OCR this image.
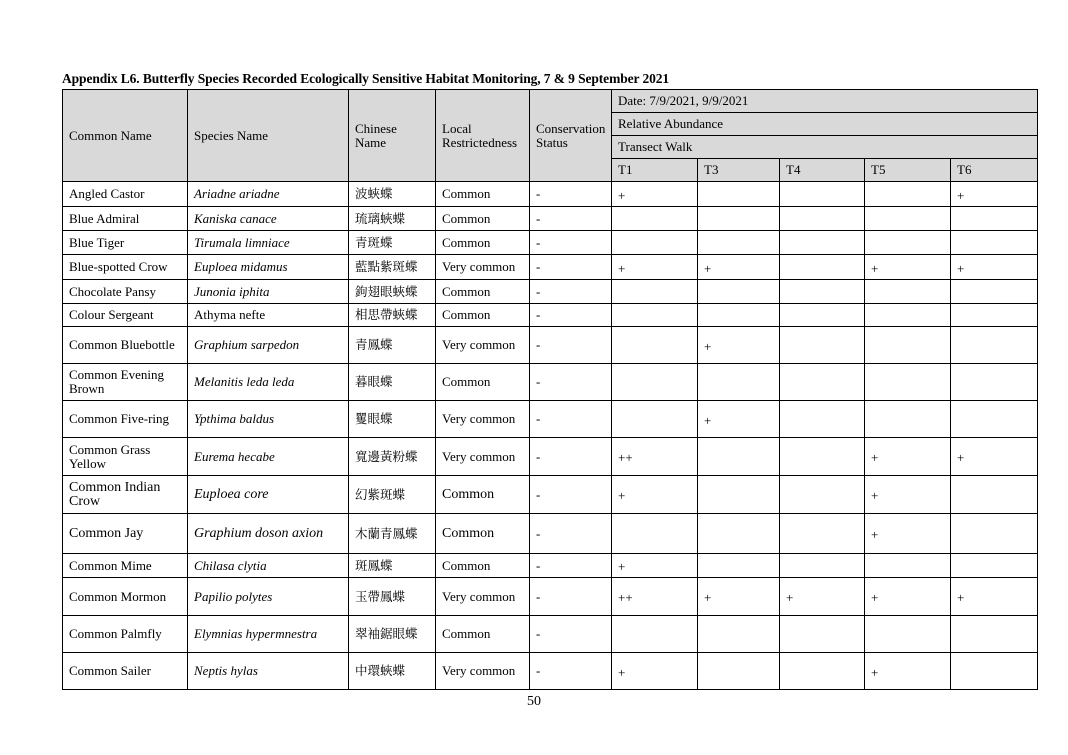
Appendix L6. Butterfly Species Recorded Ecologically Sensitive Habitat Monitoring, 7 & 9 September 2021
Common Name	Species Name	Chinese Name	Local Restrictedness	Conservation Status	Date: 7/9/2021, 9/9/2021				
					Relative Abundance				
					Transect Walk				
					T1	T3	T4	T5	T6
Angled Castor	Ariadne ariadne	波蛺蝶	Common	-	+				+
Blue Admiral	Kaniska canace	琉璃蛺蝶	Common	-					
Blue Tiger	Tirumala limniace	青斑蝶	Common	-					
Blue-spotted Crow	Euploea midamus	藍點紫斑蝶	Very common	-	+	+		+	+
Chocolate Pansy	Junonia iphita	鉤翅眼蛺蝶	Common	-					
Colour Sergeant	Athyma nefte	相思帶蛺蝶	Common	-					
Common Bluebottle	Graphium sarpedon	青鳳蝶	Very common	-		+			
Common Evening Brown	Melanitis leda leda	暮眼蝶	Common	-					
Common Five-ring	Ypthima baldus	矍眼蝶	Very common	-		+			
Common Grass Yellow	Eurema hecabe	寬邊黃粉蝶	Very common	-	++			+	+
Common Indian Crow	Euploea core	幻紫斑蝶	Common	-	+			+	
Common Jay	Graphium doson axion	木蘭青鳳蝶	Common	-				+	
Common Mime	Chilasa clytia	斑鳳蝶	Common	-	+				
Common Mormon	Papilio polytes	玉帶鳳蝶	Very common	-	++	+	+	+	+
Common Palmfly	Elymnias hypermnestra	翠袖鋸眼蝶	Common	-					
Common Sailer	Neptis hylas	中環蛺蝶	Very common	-	+			+	
50
